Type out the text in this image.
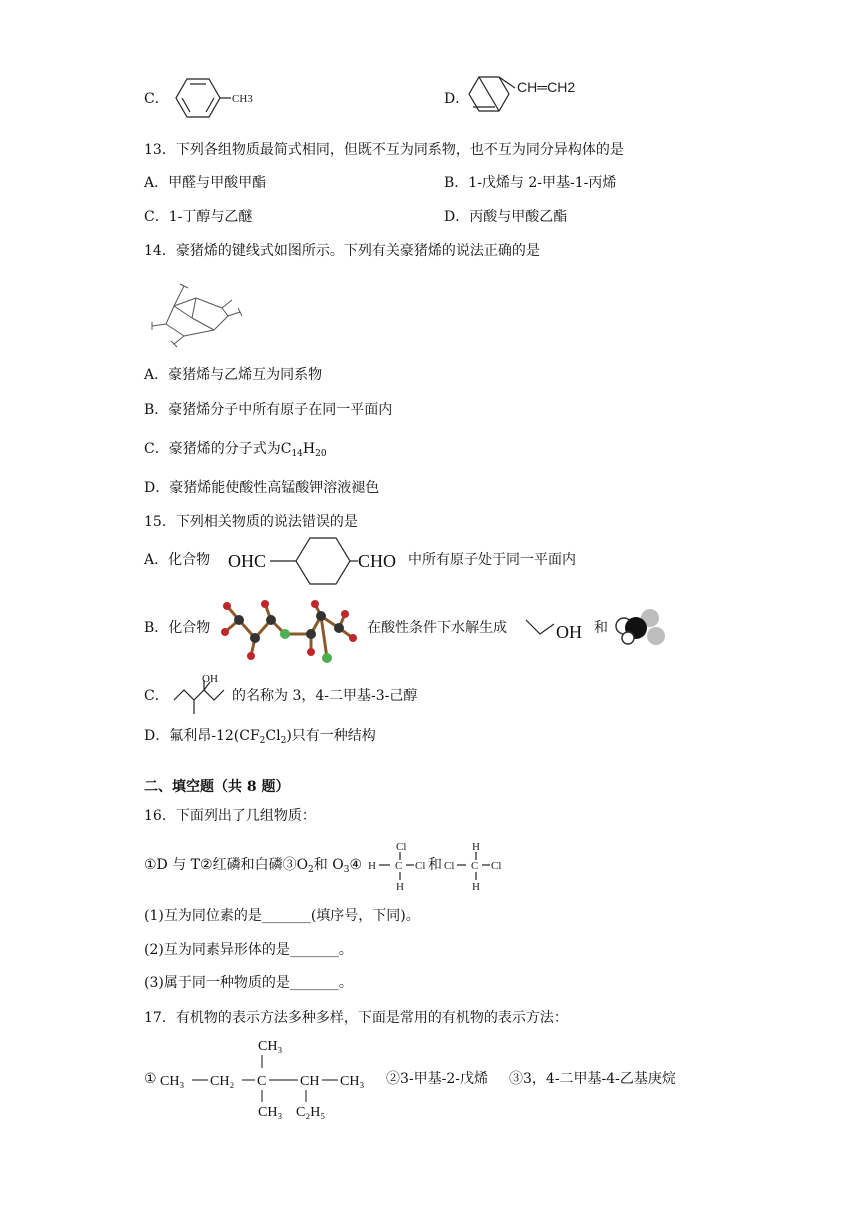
C．	CH3	D．
CH═CH2
13．下列各组物质最简式相同，但既不互为同系物，也不互为同分异构体的是
A．甲醛与甲酸甲酯	B．1-戊烯与 2-甲基-1-丙烯
C．1-丁醇与乙醚	D．丙酸与甲酸乙酯
14．豪猪烯的键线式如图所示。下列有关豪猪烯的说法正确的是
A．豪猪烯与乙烯互为同系物
B．豪猪烯分子中所有原子在同一平面内
C．豪猪烯的分子式为$C_{14}H_{20}$
D．豪猪烯能使酸性高锰酸钾溶液褪色
15．下列相关物质的说法错误的是
A．化合物 OHC	CHO 中所有原子处于同一平面内
B．化合物	在酸性条件下水解生成	OH 和
C．
OH
的名称为 3，4-二甲基-3-己醇
D．氟利昂$-12(CF_2Cl_2)$只有一种结构
二、填空题（共 8 题）
16．下面列出了几组物质：
①D 与 T②红磷和白磷$③O_2$和 $O_3④$
Cl
H C Cl
H
和
H
Cl C Cl
H
(1)互为同位素的是_______(填序号，下同)。
(2)互为同素异形体的是_______。
(3)属于同一种物质的是_______。
17．有机物的表示方法多种多样，下面是常用的有机物的表示方法：
① CH₃ CH₂ C CH CH₃
CH₃
CH₃ C₂H₅
②3-甲基-2-戊烯 ③3，4-二甲基-4-乙基庚烷
